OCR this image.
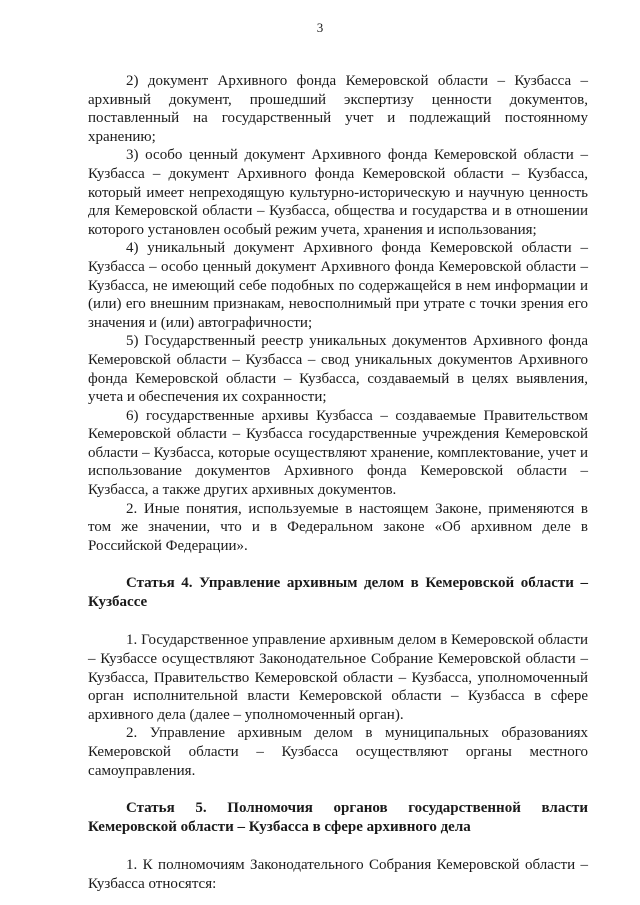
3

2) документ Архивного фонда Кемеровской области – Кузбасса – архивный документ, прошедший экспертизу ценности документов, поставленный на государственный учет и подлежащий постоянному хранению;

3) особо ценный документ Архивного фонда Кемеровской области – Кузбасса – документ Архивного фонда Кемеровской области – Кузбасса, который имеет непреходящую культурно-историческую и научную ценность для Кемеровской области – Кузбасса, общества и государства и в отношении которого установлен особый режим учета, хранения и использования;

4) уникальный документ Архивного фонда Кемеровской области – Кузбасса – особо ценный документ Архивного фонда Кемеровской области – Кузбасса, не имеющий себе подобных по содержащейся в нем информации и (или) его внешним признакам, невосполнимый при утрате с точки зрения его значения и (или) автографичности;

5) Государственный реестр уникальных документов Архивного фонда Кемеровской области – Кузбасса – свод уникальных документов Архивного фонда Кемеровской области – Кузбасса, создаваемый в целях выявления, учета и обеспечения их сохранности;

6) государственные архивы Кузбасса – создаваемые Правительством Кемеровской области – Кузбасса государственные учреждения Кемеровской области – Кузбасса, которые осуществляют хранение, комплектование, учет и использование документов Архивного фонда Кемеровской области – Кузбасса, а также других архивных документов.

2. Иные понятия, используемые в настоящем Законе, применяются в том же значении, что и в Федеральном законе «Об архивном деле в Российской Федерации».

Статья 4. Управление архивным делом в Кемеровской области – Кузбассе

1. Государственное управление архивным делом в Кемеровской области – Кузбассе осуществляют Законодательное Собрание Кемеровской области – Кузбасса, Правительство Кемеровской области – Кузбасса, уполномоченный орган исполнительной власти Кемеровской области – Кузбасса в сфере архивного дела (далее – уполномоченный орган).

2. Управление архивным делом в муниципальных образованиях Кемеровской области – Кузбасса осуществляют органы местного самоуправления.

Статья 5. Полномочия органов государственной власти Кемеровской области – Кузбасса в сфере архивного дела

1. К полномочиям Законодательного Собрания Кемеровской области – Кузбасса относятся:
